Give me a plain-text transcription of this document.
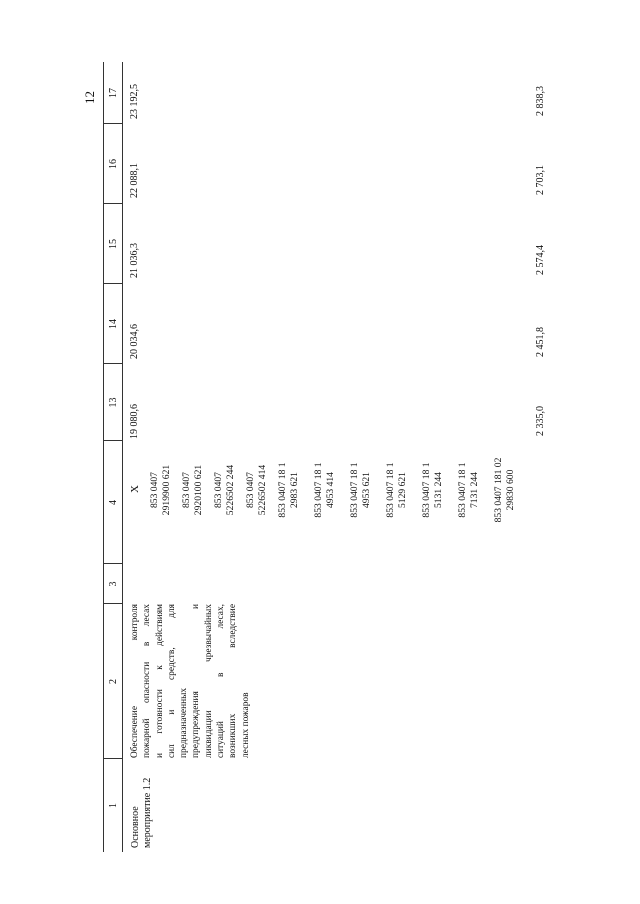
12
1
2
3
4
13
14
15
16
17
Основное мероприятие 1.2
Обеспечение контроля пожарной опасности в лесах и готовности к действиям сил и средств, для предназначенных предупреждения и ликвидации чрезвычайных ситуаций в лесах, возникших вследствие лесных пожаров
Х 853 0407 2919900 621 853 0407 2920100 621 853 0407 5226502 244 853 0407 5226502 414 853 0407 18 1 2983 621 853 0407 18 1 4953 414 853 0407 18 1 4953 621 853 0407 18 1 5129 621 853 0407 18 1 5131 244 853 0407 18 1 7131 244 853 0407 181 02 29830 600
19 080,6
20 034,6
21 036,3
22 088,1
23 192,5
2 335,0
2 451,8
2 574,4
2 703,1
2 838,3
